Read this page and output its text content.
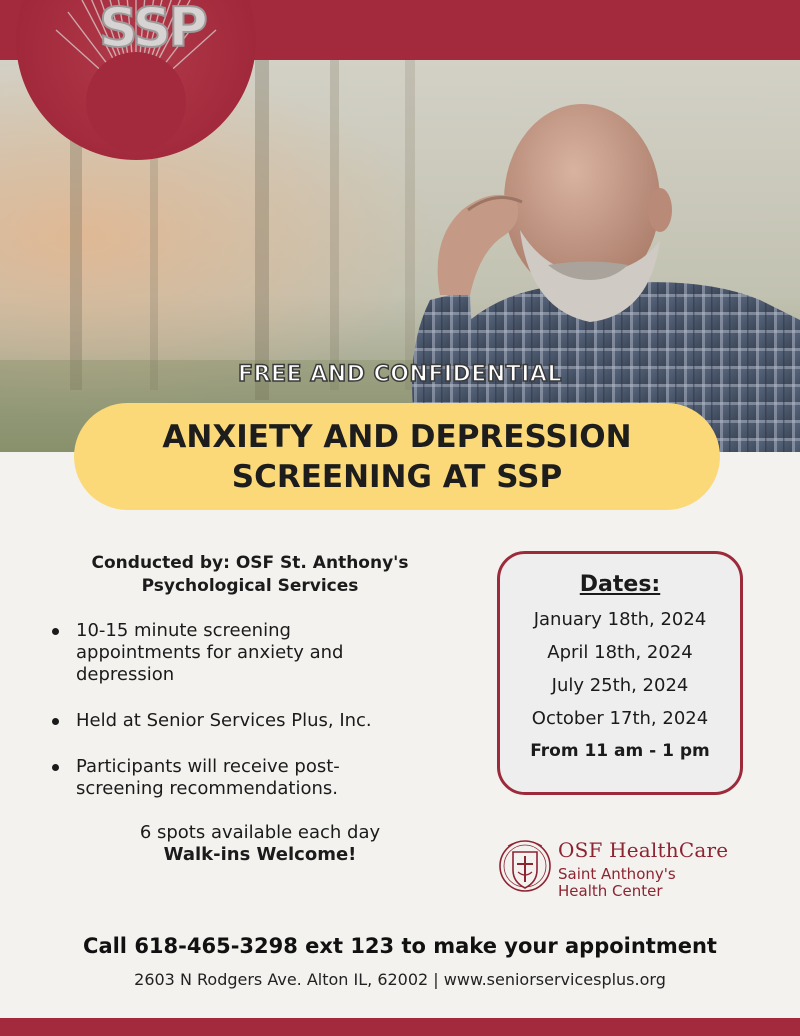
SSP
FREE AND CONFIDENTIAL
ANXIETY AND DEPRESSION
SCREENING AT SSP
Conducted by: OSF St. Anthony's
Psychological Services
10-15 minute screening
appointments for anxiety and
depression
Held at Senior Services Plus, Inc.
Participants will receive post-
screening recommendations.
6 spots available each day
Walk-ins Welcome!
Dates:
January 18th, 2024
April 18th, 2024
July 25th, 2024
October 17th, 2024
From 11 am - 1 pm
OSF HealthCare
Saint Anthony's
Health Center
Call 618-465-3298 ext 123 to make your appointment
2603 N Rodgers Ave. Alton IL, 62002 | www.seniorservicesplus.org
